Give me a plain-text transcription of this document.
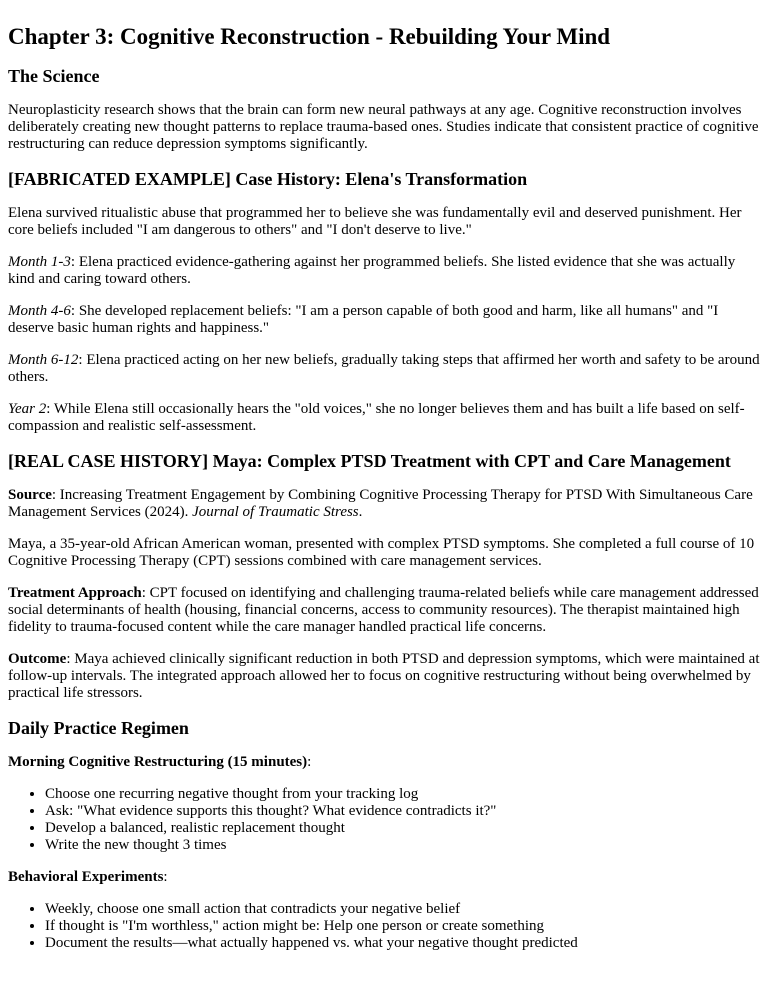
Chapter 3: Cognitive Reconstruction - Rebuilding Your Mind
The Science

Neuroplasticity research shows that the brain can form new neural pathways at any age. Cognitive reconstruction involves deliberately creating new thought patterns to replace trauma-based ones. Studies indicate that consistent practice of cognitive restructuring can reduce depression symptoms significantly.

[FABRICATED EXAMPLE] Case History: Elena's Transformation

Elena survived ritualistic abuse that programmed her to believe she was fundamentally evil and deserved punishment. Her core beliefs included "I am dangerous to others" and "I don't deserve to live."

Month 1-3: Elena practiced evidence-gathering against her programmed beliefs. She listed evidence that she was actually kind and caring toward others.

Month 4-6: She developed replacement beliefs: "I am a person capable of both good and harm, like all humans" and "I deserve basic human rights and happiness."

Month 6-12: Elena practiced acting on her new beliefs, gradually taking steps that affirmed her worth and safety to be around others.

Year 2: While Elena still occasionally hears the "old voices," she no longer believes them and has built a life based on self-compassion and realistic self-assessment.

[REAL CASE HISTORY] Maya: Complex PTSD Treatment with CPT and Care Management

Source: Increasing Treatment Engagement by Combining Cognitive Processing Therapy for PTSD With Simultaneous Care Management Services (2024). Journal of Traumatic Stress.

Maya, a 35-year-old African American woman, presented with complex PTSD symptoms. She completed a full course of 10 Cognitive Processing Therapy (CPT) sessions combined with care management services.

Treatment Approach: CPT focused on identifying and challenging trauma-related beliefs while care management addressed social determinants of health (housing, financial concerns, access to community resources). The therapist maintained high fidelity to trauma-focused content while the care manager handled practical life concerns.

Outcome: Maya achieved clinically significant reduction in both PTSD and depression symptoms, which were maintained at follow-up intervals. The integrated approach allowed her to focus on cognitive restructuring without being overwhelmed by practical life stressors.

Daily Practice Regimen

Morning Cognitive Restructuring (15 minutes):

• Choose one recurring negative thought from your tracking log
• Ask: "What evidence supports this thought? What evidence contradicts it?"
• Develop a balanced, realistic replacement thought
• Write the new thought 3 times

Behavioral Experiments:

• Weekly, choose one small action that contradicts your negative belief
• If thought is "I'm worthless," action might be: Help one person or create something
• Document the results—what actually happened vs. what your negative thought predicted
